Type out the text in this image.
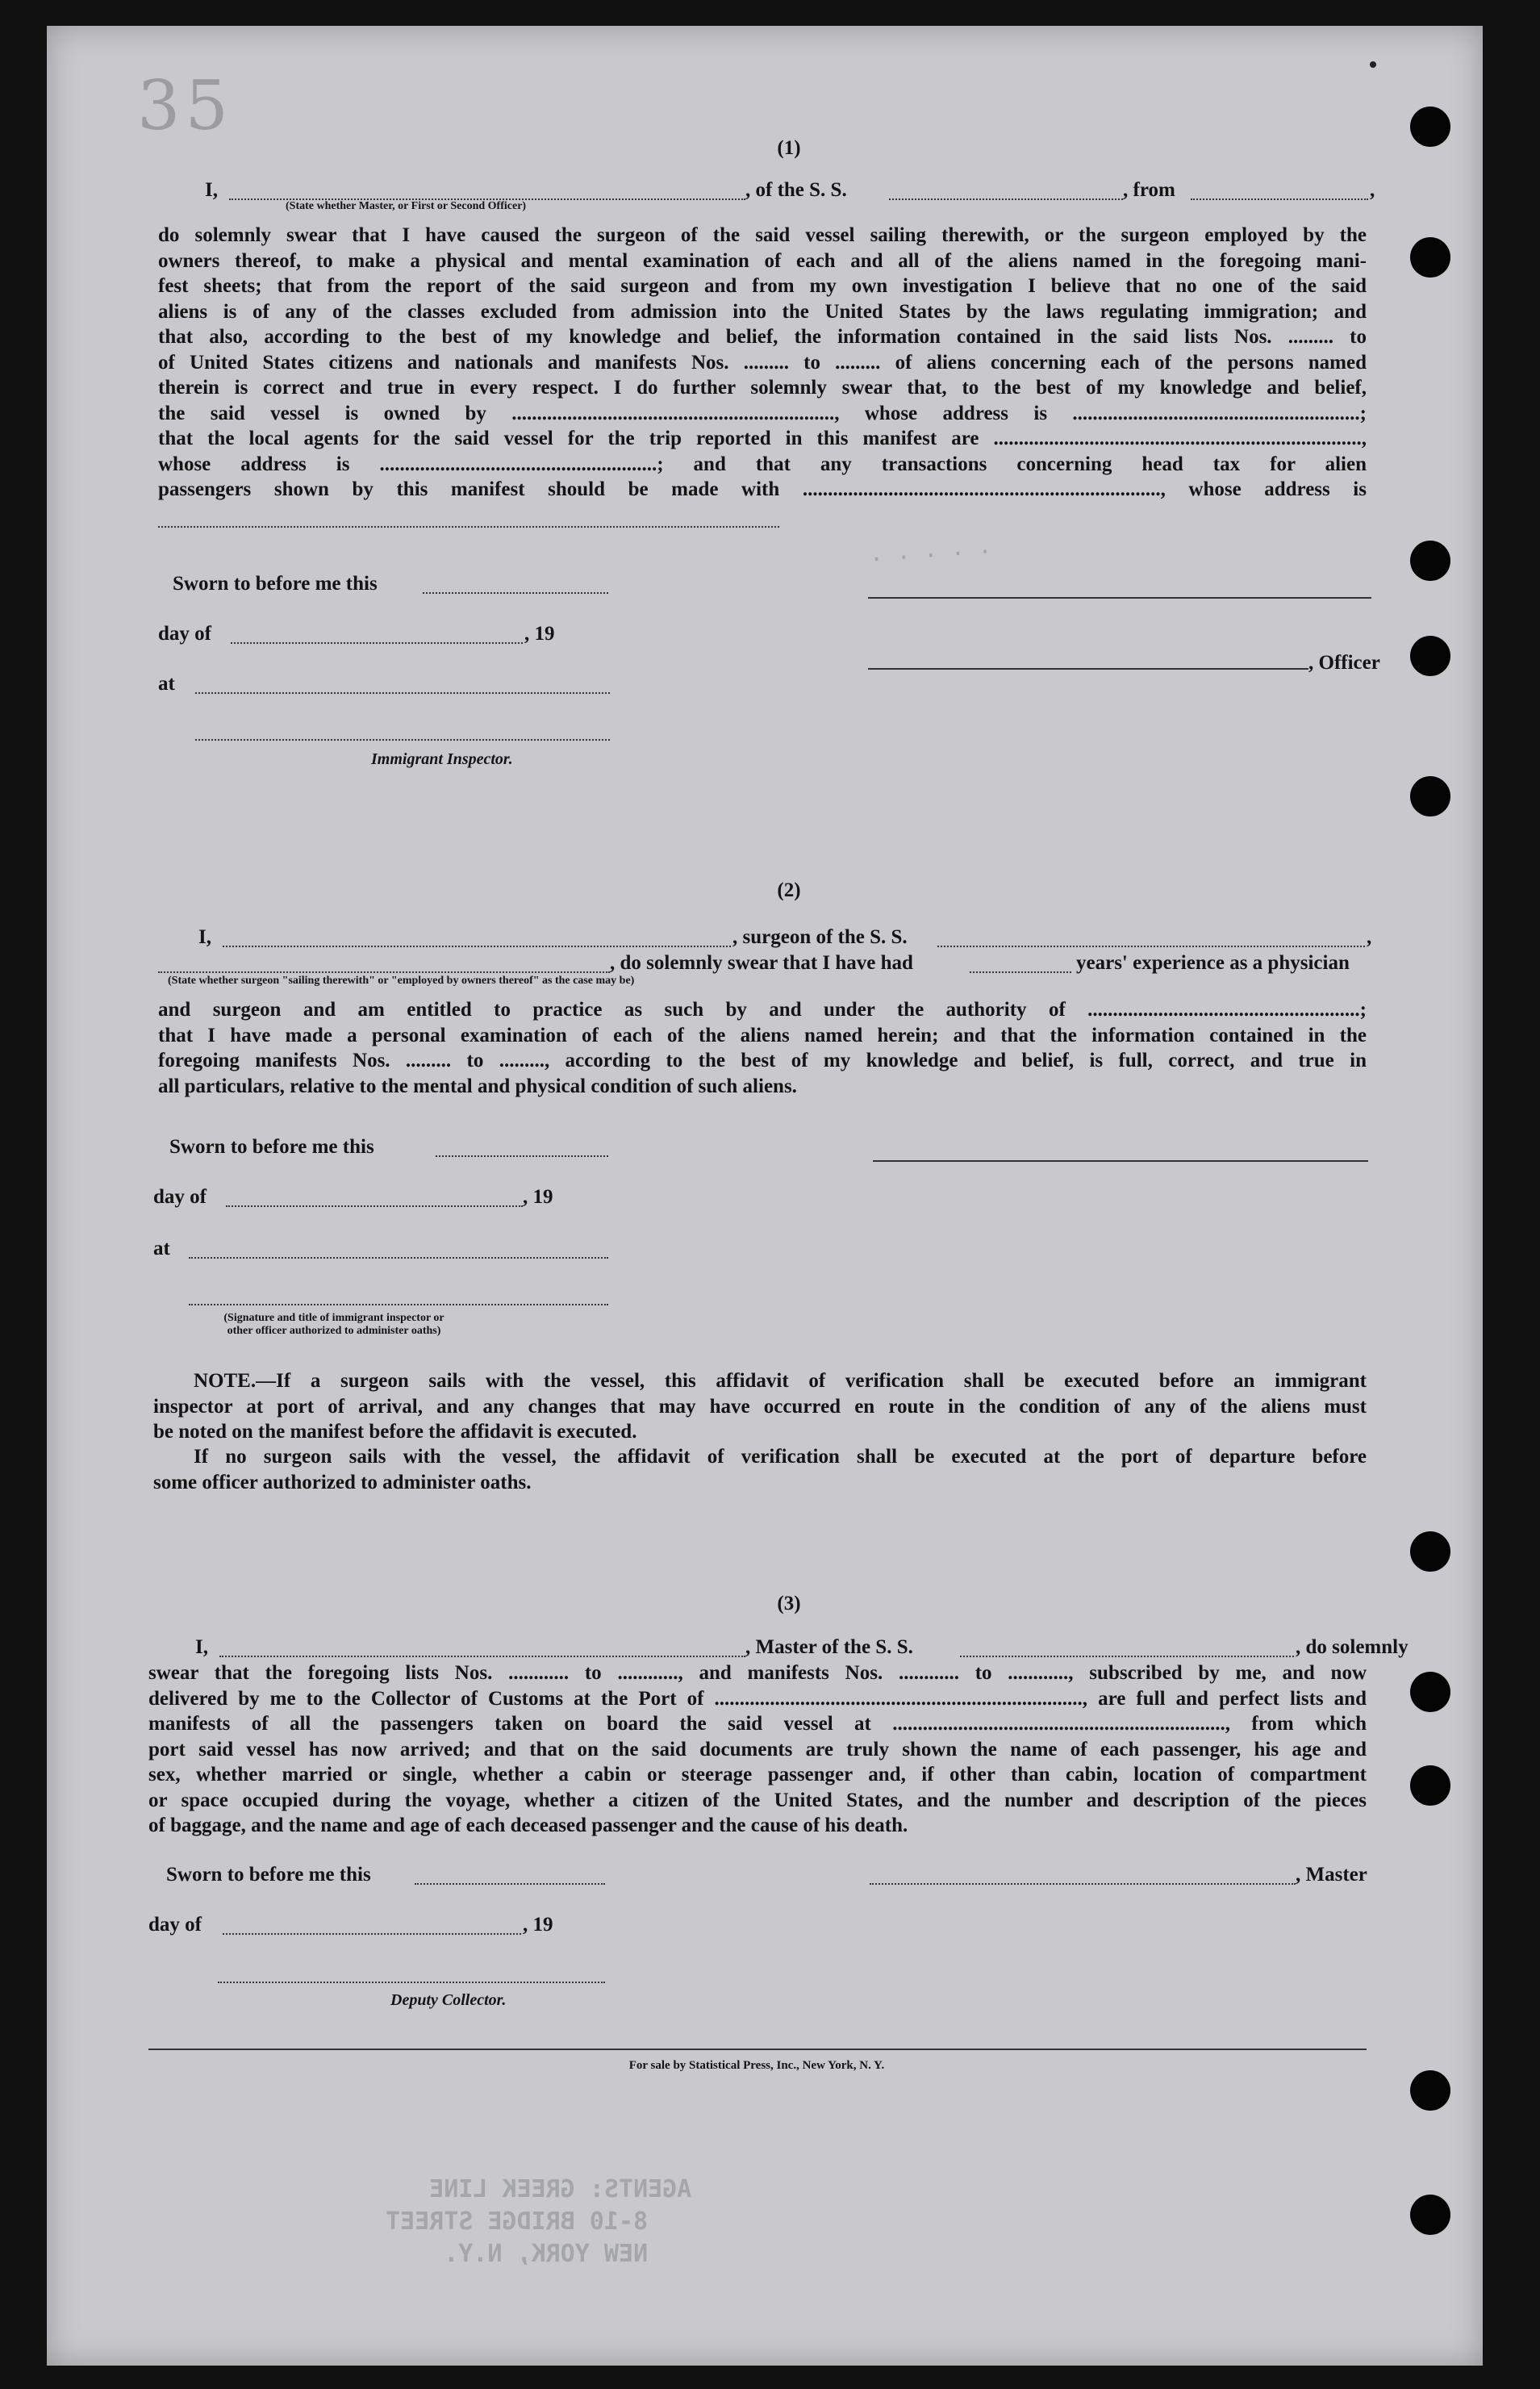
35
· · · · ·
(1)
I,	, of the S. S.	, from	,
(State whether Master, or First or Second Officer)
do solemnly swear that I have caused the surgeon of the said vessel sailing therewith, or the surgeon employed by the
owners thereof, to make a physical and mental examination of each and all of the aliens named in the foregoing mani-
fest sheets; that from the report of the said surgeon and from my own investigation I believe that no one of the said
aliens is of any of the classes excluded from admission into the United States by the laws regulating immigration; and
that also, according to the best of my knowledge and belief, the information contained in the said lists Nos. ......... to
of United States citizens and nationals and manifests Nos. ......... to ......... of aliens concerning each of the persons named
therein is correct and true in every respect. I do further solemnly swear that, to the best of my knowledge and belief,
the said vessel is owned by ................................................................, whose address is .........................................................;
that the local agents for the said vessel for the trip reported in this manifest are .........................................................................,
whose address is .......................................................; and that any transactions concerning head tax for alien
passengers shown by this manifest should be made with ......................................................................., whose address is
Sworn to before me this
day of	, 19
, Officer
at
Immigrant Inspector.
(2)
I,	, surgeon of the S. S.	,
, do solemnly swear that I have had	years' experience as a physician
(State whether surgeon "sailing therewith" or "employed by owners thereof" as the case may be)
and surgeon and am entitled to practice as such by and under the authority of ......................................................;
that I have made a personal examination of each of the aliens named herein; and that the information contained in the
foregoing manifests Nos. ......... to ........., according to the best of my knowledge and belief, is full, correct, and true in
all particulars, relative to the mental and physical condition of such aliens.
Sworn to before me this
day of	, 19
at
(Signature and title of immigrant inspector or
other officer authorized to administer oaths)
NOTE.—If a surgeon sails with the vessel, this affidavit of verification shall be executed before an immigrant
inspector at port of arrival, and any changes that may have occurred en route in the condition of any of the aliens must
be noted on the manifest before the affidavit is executed.
If no surgeon sails with the vessel, the affidavit of verification shall be executed at the port of departure before
some officer authorized to administer oaths.
(3)
I,	, Master of the S. S.	, do solemnly
swear that the foregoing lists Nos. ............ to ............, and manifests Nos. ............ to ............, subscribed by me, and now
delivered by me to the Collector of Customs at the Port of ........................................................................., are full and perfect lists and
manifests of all the passengers taken on board the said vessel at .................................................................., from which
port said vessel has now arrived; and that on the said documents are truly shown the name of each passenger, his age and
sex, whether married or single, whether a cabin or steerage passenger and, if other than cabin, location of compartment
or space occupied during the voyage, whether a citizen of the United States, and the number and description of the pieces
of baggage, and the name and age of each deceased passenger and the cause of his death.
Sworn to before me this	, Master
day of	, 19
Deputy Collector.
For sale by Statistical Press, Inc., New York, N. Y.
AGENTS: GREEK LINE
8-10 BRIDGE STREET
NEW YORK, N.Y.
